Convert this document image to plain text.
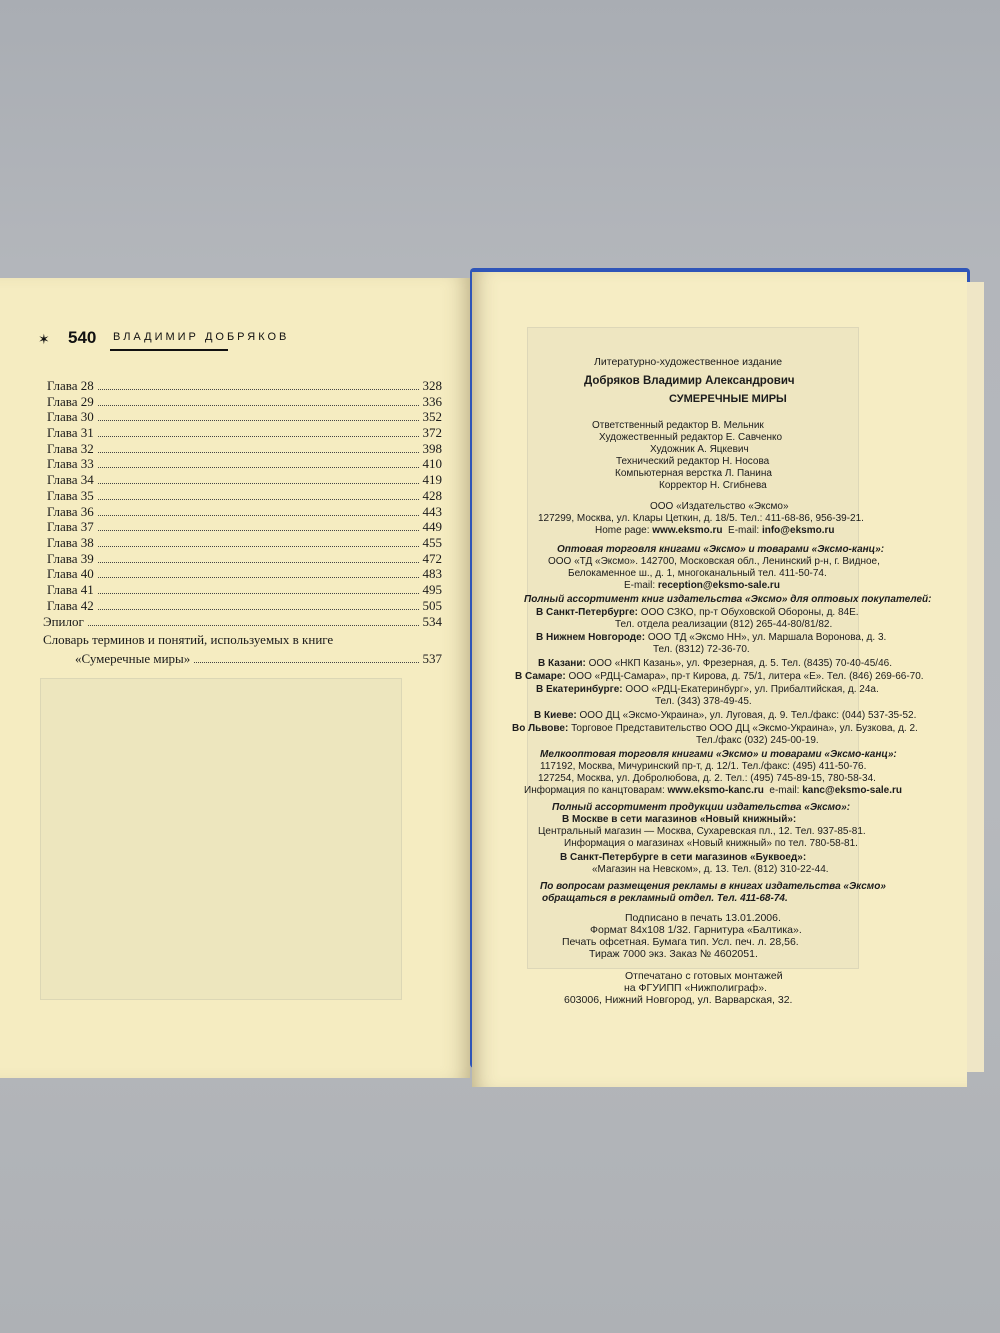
✶ 540 ВЛАДИМИР ДОБРЯКОВ
Глава 28	328
Глава 29	336
Глава 30	352
Глава 31	372
Глава 32	398
Глава 33	410
Глава 34	419
Глава 35	428
Глава 36	443
Глава 37	449
Глава 38	455
Глава 39	472
Глава 40	483
Глава 41	495
Глава 42	505
Эпилог	534
Словарь терминов и понятий, используемых в книге
«Сумеречные миры»	537
Литературно-художественное издание
Добряков Владимир Александрович
СУМЕРЕЧНЫЕ МИРЫ
Ответственный редактор В. Мельник
Художественный редактор Е. Савченко
Художник А. Яцкевич
Технический редактор Н. Носова
Компьютерная верстка Л. Панина
Корректор Н. Сгибнева
ООО «Издательство «Эксмо»
127299, Москва, ул. Клары Цеткин, д. 18/5. Тел.: 411-68-86, 956-39-21.
Home page: www.eksmo.ru E-mail: info@eksmo.ru
Оптовая торговля книгами «Эксмо» и товарами «Эксмо-канц»:
ООО «ТД «Эксмо». 142700, Московская обл., Ленинский р-н, г. Видное,
Белокаменное ш., д. 1, многоканальный тел. 411-50-74.
E-mail: reception@eksmo-sale.ru
Полный ассортимент книг издательства «Эксмо» для оптовых покупателей:
В Санкт-Петербурге: ООО СЗКО, пр-т Обуховской Обороны, д. 84Е.
Тел. отдела реализации (812) 265-44-80/81/82.
В Нижнем Новгороде: ООО ТД «Эксмо НН», ул. Маршала Воронова, д. 3.
Тел. (8312) 72-36-70.
В Казани: ООО «НКП Казань», ул. Фрезерная, д. 5. Тел. (8435) 70-40-45/46.
В Самаре: ООО «РДЦ-Самара», пр-т Кирова, д. 75/1, литера «Е». Тел. (846) 269-66-70.
В Екатеринбурге: ООО «РДЦ-Екатеринбург», ул. Прибалтийская, д. 24а.
Тел. (343) 378-49-45.
В Киеве: ООО ДЦ «Эксмо-Украина», ул. Луговая, д. 9. Тел./факс: (044) 537-35-52.
Во Львове: Торговое Представительство ООО ДЦ «Эксмо-Украина», ул. Бузкова, д. 2.
Тел./факс (032) 245-00-19.
Мелкооптовая торговля книгами «Эксмо» и товарами «Эксмо-канц»:
117192, Москва, Мичуринский пр-т, д. 12/1. Тел./факс: (495) 411-50-76.
127254, Москва, ул. Добролюбова, д. 2. Тел.: (495) 745-89-15, 780-58-34.
Информация по канцтоварам: www.eksmo-kanc.ru e-mail: kanc@eksmo-sale.ru
Полный ассортимент продукции издательства «Эксмо»:
В Москве в сети магазинов «Новый книжный»:
Центральный магазин — Москва, Сухаревская пл., 12. Тел. 937-85-81.
Информация о магазинах «Новый книжный» по тел. 780-58-81.
В Санкт-Петербурге в сети магазинов «Буквоед»:
«Магазин на Невском», д. 13. Тел. (812) 310-22-44.
По вопросам размещения рекламы в книгах издательства «Эксмо»
обращаться в рекламный отдел. Тел. 411-68-74.
Подписано в печать 13.01.2006.
Формат 84x108 1/32. Гарнитура «Балтика».
Печать офсетная. Бумага тип. Усл. печ. л. 28,56.
Тираж 7000 экз. Заказ № 4602051.
Отпечатано с готовых монтажей
на ФГУИПП «Нижполиграф».
603006, Нижний Новгород, ул. Варварская, 32.
